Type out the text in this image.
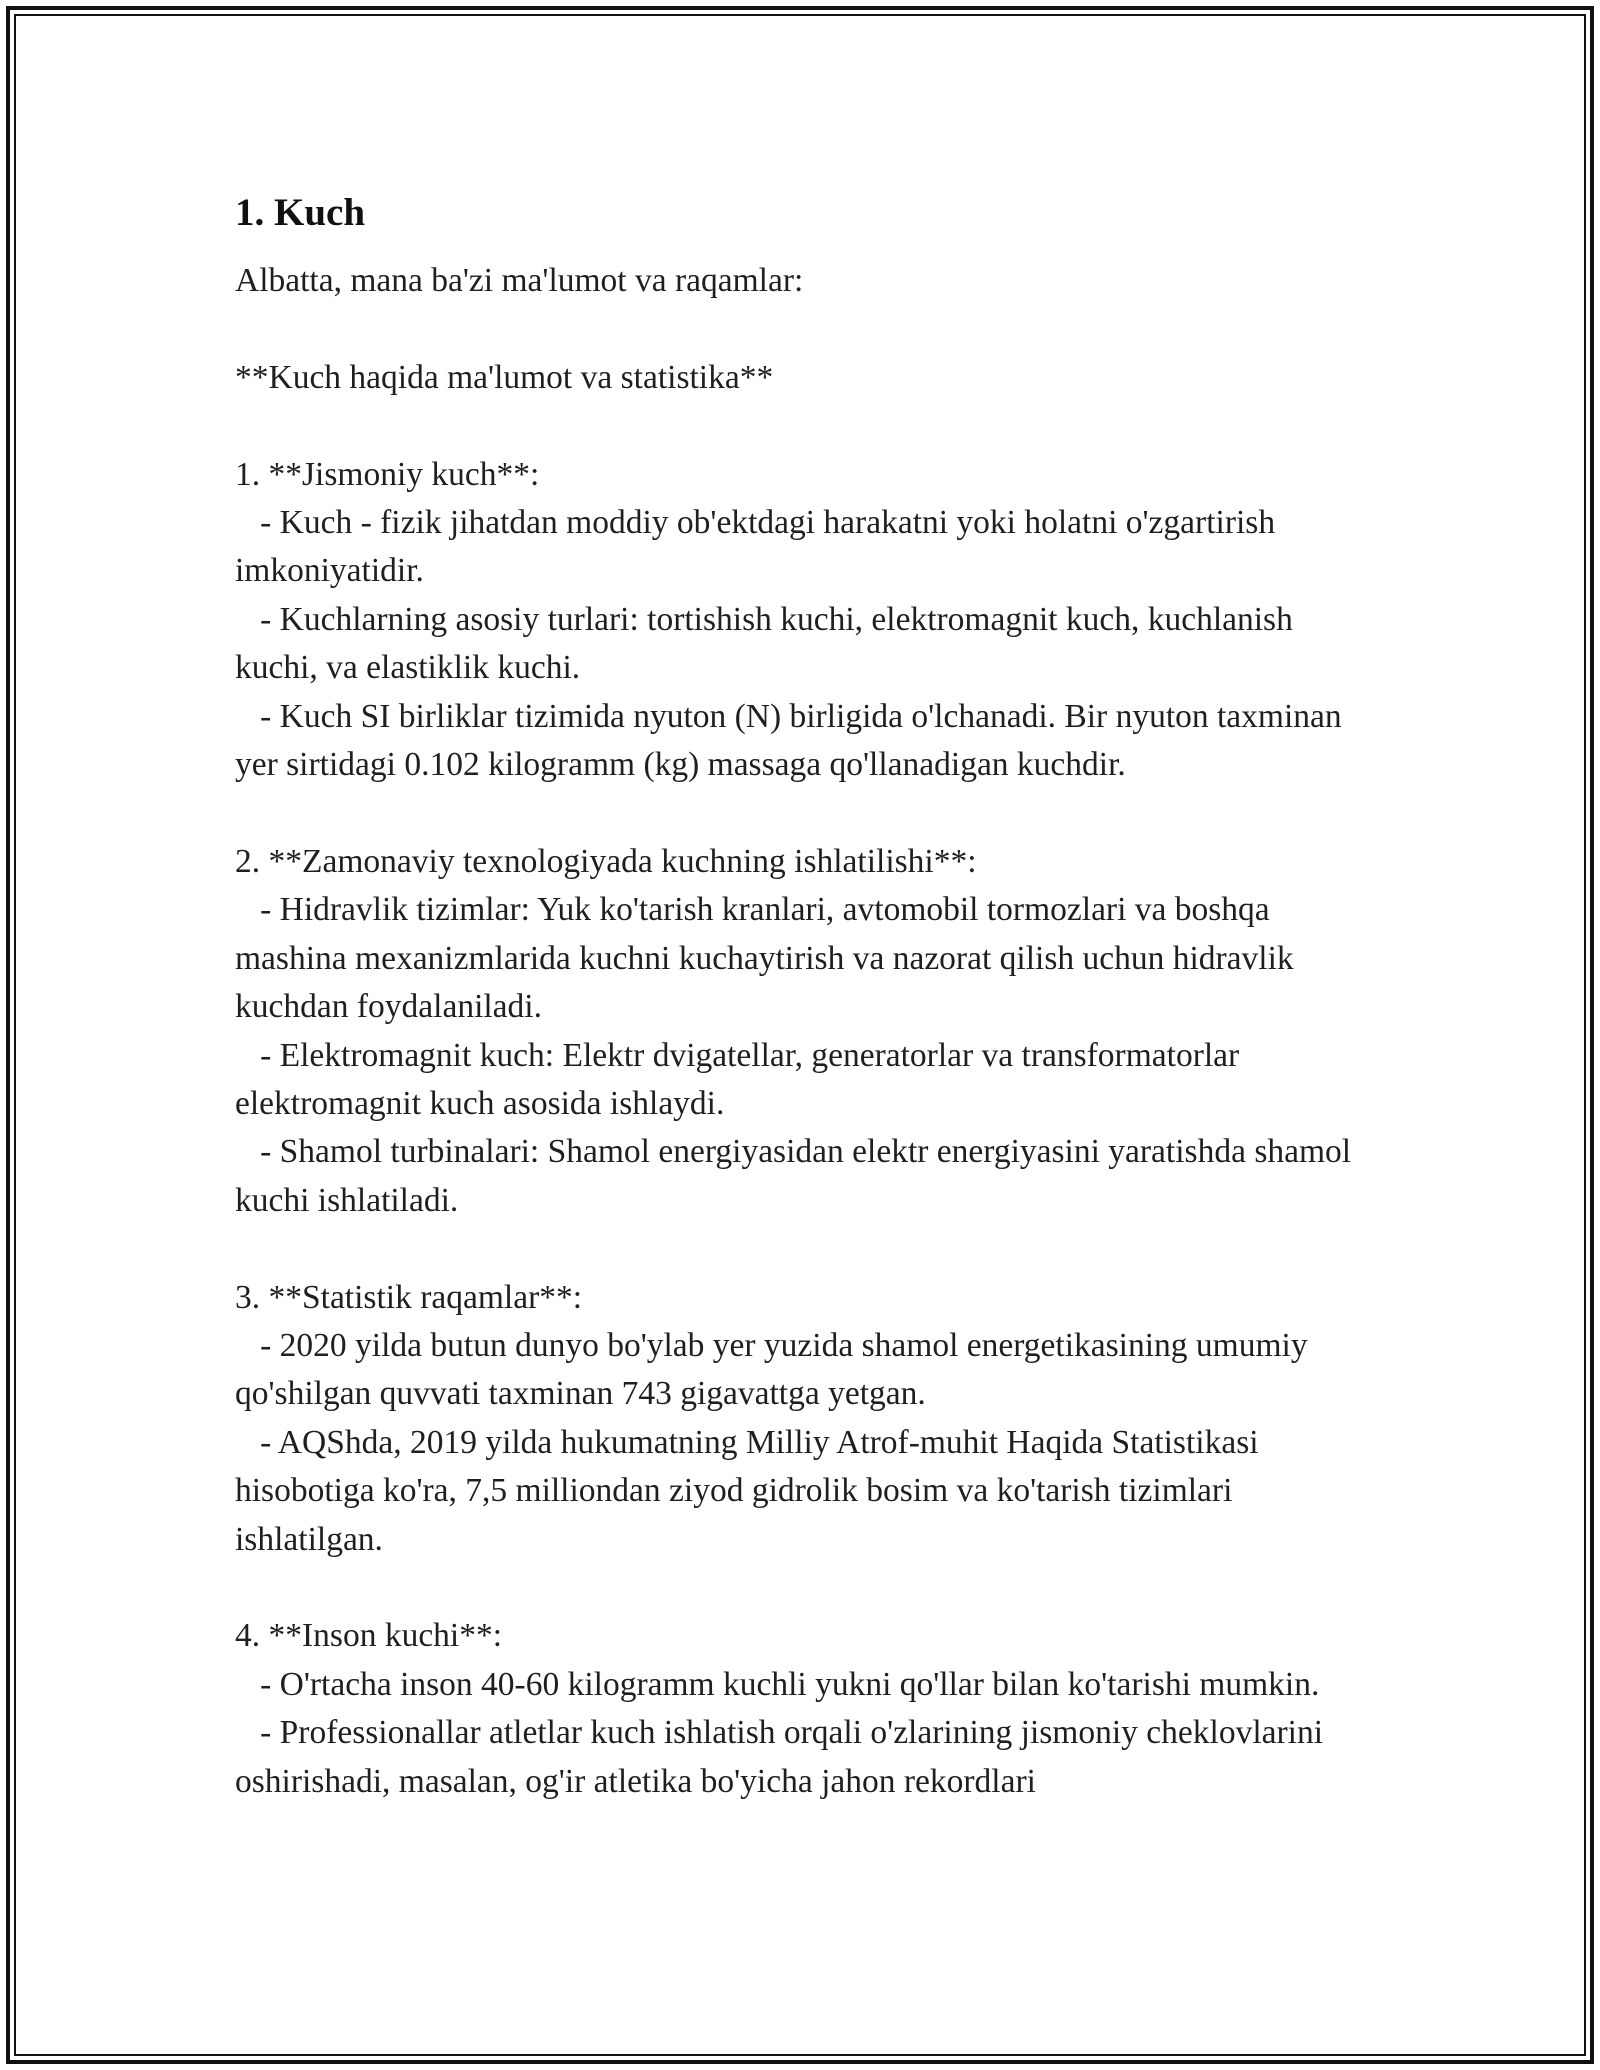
1. Kuch

Albatta, mana ba'zi ma'lumot va raqamlar:

**Kuch haqida ma'lumot va statistika**

1. **Jismoniy kuch**:
- Kuch - fizik jihatdan moddiy ob'ektdagi harakatni yoki holatni o'zgartirish imkoniyatidir.
- Kuchlarning asosiy turlari: tortishish kuchi, elektromagnit kuch, kuchlanish kuchi, va elastiklik kuchi.
- Kuch SI birliklar tizimida nyuton (N) birligida o'lchanadi. Bir nyuton taxminan yer sirtidagi 0.102 kilogramm (kg) massaga qo'llanadigan kuchdir.

2. **Zamonaviy texnologiyada kuchning ishlatilishi**:
- Hidravlik tizimlar: Yuk ko'tarish kranlari, avtomobil tormozlari va boshqa mashina mexanizmlarida kuchni kuchaytirish va nazorat qilish uchun hidravlik kuchdan foydalaniladi.
- Elektromagnit kuch: Elektr dvigatellar, generatorlar va transformatorlar elektromagnit kuch asosida ishlaydi.
- Shamol turbinalari: Shamol energiyasidan elektr energiyasini yaratishda shamol kuchi ishlatiladi.

3. **Statistik raqamlar**:
- 2020 yilda butun dunyo bo'ylab yer yuzida shamol energetikasining umumiy qo'shilgan quvvati taxminan 743 gigavattga yetgan.
- AQShda, 2019 yilda hukumatning Milliy Atrof-muhit Haqida Statistikasi hisobotiga ko'ra, 7,5 milliondan ziyod gidrolik bosim va ko'tarish tizimlari ishlatilgan.

4. **Inson kuchi**:
- O'rtacha inson 40-60 kilogramm kuchli yukni qo'llar bilan ko'tarishi mumkin.
- Professionallar atletlar kuch ishlatish orqali o'zlarining jismoniy cheklovlarini oshirishadi, masalan, og'ir atletika bo'yicha jahon rekordlari
